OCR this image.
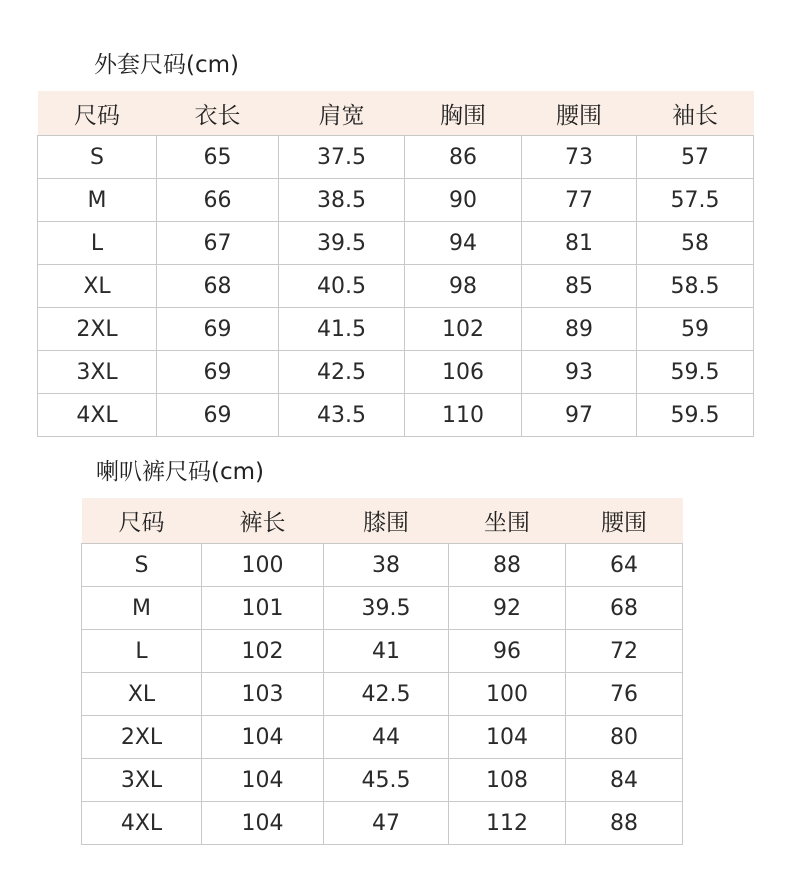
外套尺码(cm)
尺码	衣长	肩宽	胸围	腰围	袖长
S	65	37.5	86	73	57
M	66	38.5	90	77	57.5
L	67	39.5	94	81	58
XL	68	40.5	98	85	58.5
2XL	69	41.5	102	89	59
3XL	69	42.5	106	93	59.5
4XL	69	43.5	110	97	59.5
喇叭裤尺码(cm)
尺码	裤长	膝围	坐围	腰围
S	100	38	88	64
M	101	39.5	92	68
L	102	41	96	72
XL	103	42.5	100	76
2XL	104	44	104	80
3XL	104	45.5	108	84
4XL	104	47	112	88
